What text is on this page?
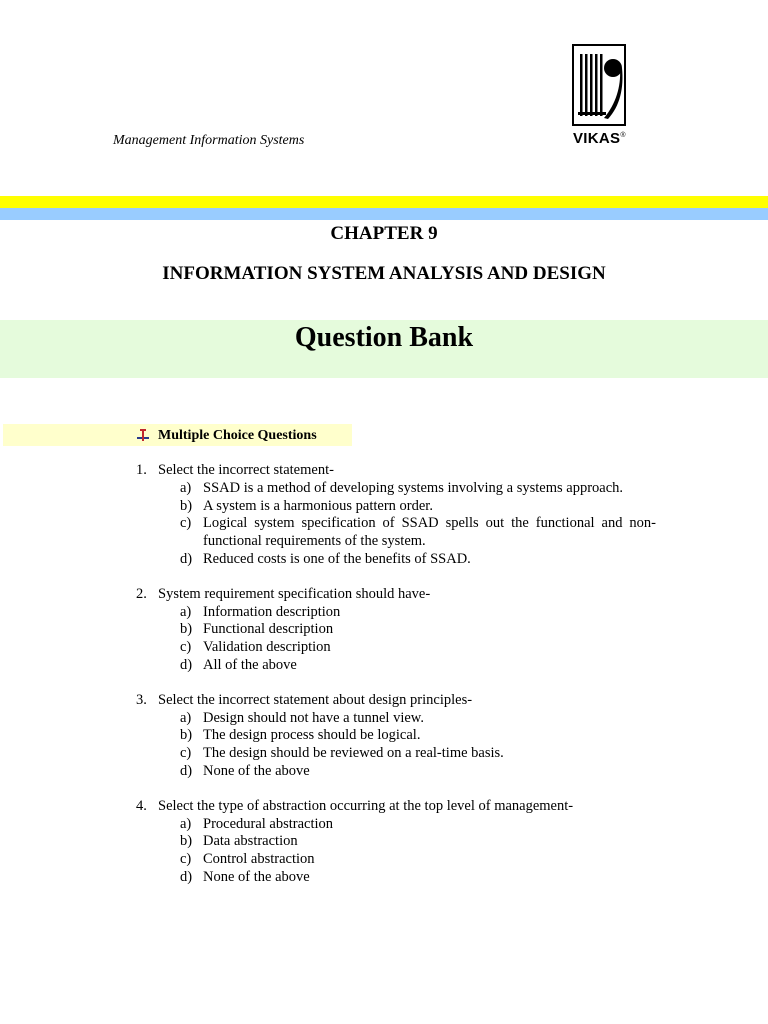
Management Information Systems	VIKAS®
CHAPTER 9
INFORMATION SYSTEM ANALYSIS AND DESIGN
Question Bank
Multiple Choice Questions
1. Select the incorrect statement-
a) SSAD is a method of developing systems involving a systems approach.
b) A system is a harmonious pattern order.
c) Logical system specification of SSAD spells out the functional and non-functional requirements of the system.
d) Reduced costs is one of the benefits of SSAD.
2. System requirement specification should have-
a) Information description
b) Functional description
c) Validation description
d) All of the above
3. Select the incorrect statement about design principles-
a) Design should not have a tunnel view.
b) The design process should be logical.
c) The design should be reviewed on a real-time basis.
d) None of the above
4. Select the type of abstraction occurring at the top level of management-
a) Procedural abstraction
b) Data abstraction
c) Control abstraction
d) None of the above
